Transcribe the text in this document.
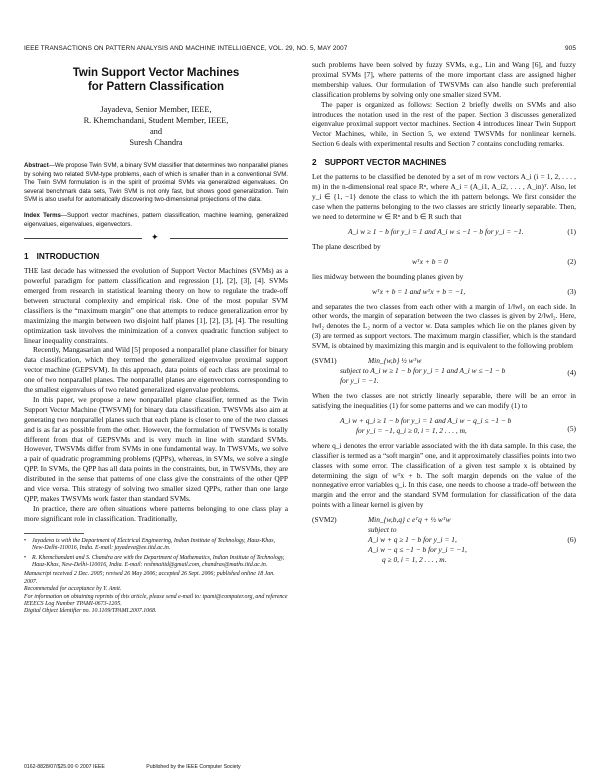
IEEE TRANSACTIONS ON PATTERN ANALYSIS AND MACHINE INTELLIGENCE, VOL. 29, NO. 5, MAY 2007	905
Twin Support Vector Machines
for Pattern Classification
Jayadeva, Senior Member, IEEE,
R. Khemchandani, Student Member, IEEE,
and
Suresh Chandra
Abstract—We propose Twin SVM, a binary SVM classifier that determines two nonparallel planes by solving two related SVM-type problems, each of which is smaller than in a conventional SVM. The Twin SVM formulation is in the spirit of proximal SVMs via generalized eigenvalues. On several benchmark data sets, Twin SVM is not only fast, but shows good generalization. Twin SVM is also useful for automatically discovering two-dimensional projections of the data.
Index Terms—Support vector machines, pattern classification, machine learning, generalized eigenvalues, eigenvalues, eigenvectors.
✦
1 INTRODUCTION

THE last decade has witnessed the evolution of Support Vector Machines (SVMs) as a powerful paradigm for pattern classification and regression [1], [2], [3], [4]. SVMs emerged from research in statistical learning theory on how to regulate the trade-off between structural complexity and empirical risk. One of the most popular SVM classifiers is the “maximum margin” one that attempts to reduce generalization error by maximizing the margin between two disjoint half planes [1], [2], [3], [4]. The resulting optimization task involves the minimization of a convex quadratic function subject to linear inequality constraints.

Recently, Mangasarian and Wild [5] proposed a nonparallel plane classifier for binary data classification, which they termed the generalized eigenvalue proximal support vector machine (GEPSVM). In this approach, data points of each class are proximal to one of two nonparallel planes. The nonparallel planes are eigenvectors corresponding to the smallest eigenvalues of two related generalized eigenvalue problems.

In this paper, we propose a new nonparallel plane classifier, termed as the Twin Support Vector Machine (TWSVM) for binary data classification. TWSVMs also aim at generating two nonparallel planes such that each plane is closer to one of the two classes and is as far as possible from the other. However, the formulation of TWSVMs is totally different from that of GEPSVMs and is very much in line with standard SVMs. However, TWSVMs differ from SVMs in one fundamental way. In TWSVMs, we solve a pair of quadratic programming problems (QPPs), whereas, in SVMs, we solve a single QPP. In SVMs, the QPP has all data points in the constraints, but, in TWSVMs, they are distributed in the sense that patterns of one class give the constraints of the other QPP and vice versa. This strategy of solving two smaller sized QPPs, rather than one large QPP, makes TWSVMs work faster than standard SVMs.

In practice, there are often situations where patterns belonging to one class play a more significant role in classification. Traditionally,

• Jayadeva is with the Department of Electrical Engineering, Indian Institute of Technology, Hauz-Khas, New-Delhi-110016, India. E-mail: jayadeva@ee.iitd.ac.in.
• R. Khemchandani and S. Chandra are with the Department of Mathematics, Indian Institute of Technology, Hauz-Khas, New-Delhi-110016, India. E-mail: reshmaiitd@gmail.com, chandras@maths.iitd.ac.in.
Manuscript received 2 Dec. 2005; revised 26 May 2006; accepted 26 Sept. 2006; published online 18 Jan. 2007.
Recommended for acceptance by Y. Amit.
For information on obtaining reprints of this article, please send e-mail to: tpami@computer.org, and reference IEEECS Log Number TPAMI-0673-1205.
Digital Object Identifier no. 10.1109/TPAMI.2007.1068.

such problems have been solved by fuzzy SVMs, e.g., Lin and Wang [6], and fuzzy proximal SVMs [7], where patterns of the more important class are assigned higher membership values. Our formulation of TWSVMs can also handle such preferential classification problems by solving only one smaller sized SVM.

The paper is organized as follows: Section 2 briefly dwells on SVMs and also introduces the notation used in the rest of the paper. Section 3 discusses generalized eigenvalue proximal support vector machines. Section 4 introduces linear Twin Support Vector Machines, while, in Section 5, we extend TWSVMs for nonlinear kernels. Section 6 deals with experimental results and Section 7 contains concluding remarks.

2 SUPPORT VECTOR MACHINES

Let the patterns to be classified be denoted by a set of m row vectors A_i (i = 1, 2, . . . , m) in the n-dimensional real space Rⁿ, where A_i = (A_i1, A_i2, . . . , A_in)ᵀ. Also, let y_i ∈ {1, −1} denote the class to which the ith pattern belongs. We first consider the case when the patterns belonging to the two classes are strictly linearly separable. Then, we need to determine w ∈ Rⁿ and b ∈ R such that

A_i w ≥ 1 − b for y_i = 1 and A_i w ≤ −1 − b for y_i = −1.	(1)

The plane described by

wᵀx + b = 0	(2)

lies midway between the bounding planes given by

wᵀx + b = 1 and wᵀx + b = −1,	(3)

and separates the two classes from each other with a margin of 1/‖w‖₂ on each side. In other words, the margin of separation between the two classes is given by 2/‖w‖₂. Here, ‖w‖₂ denotes the L₂ norm of a vector w. Data samples which lie on the planes given by (3) are termed as support vectors. The maximum margin classifier, which is the standard SVM, is obtained by maximizing this margin and is equivalent to the following problem

(SVM1)	Min_{w,b} ½ wᵀw
subject to A_i w ≥ 1 − b for y_i = 1 and A_i w ≤ −1 − b
for y_i = −1.
(4)

When the two classes are not strictly linearly separable, there will be an error in satisfying the inequalities (1) for some patterns and we can modify (1) to

A_i w + q_i ≥ 1 − b for y_i = 1 and A_i w − q_i ≤ −1 − b
for y_i = −1, q_i ≥ 0, i = 1, 2 . . . , m,	(5)

where q_i denotes the error variable associated with the ith data sample. In this case, the classifier is termed as a “soft margin” one, and it approximately classifies points into two classes with some error. The classification of a given test sample x is obtained by determining the sign of wᵀx + b. The soft margin depends on the value of the nonnegative error variables q_i. In this case, one needs to choose a trade-off between the margin and the error and the standard SVM formulation for classification of the data points with a linear kernel is given by

(SVM2)	Min_{w,b,q} c eᵀq + ½ wᵀw
subject to
A_i w + q ≥ 1 − b for y_i = 1,
A_i w − q ≤ −1 − b for y_i = −1,
q ≥ 0, i = 1, 2 . . . , m.
(6)
0162-8828/07/$25.00 © 2007 IEEE	Published by the IEEE Computer Society
